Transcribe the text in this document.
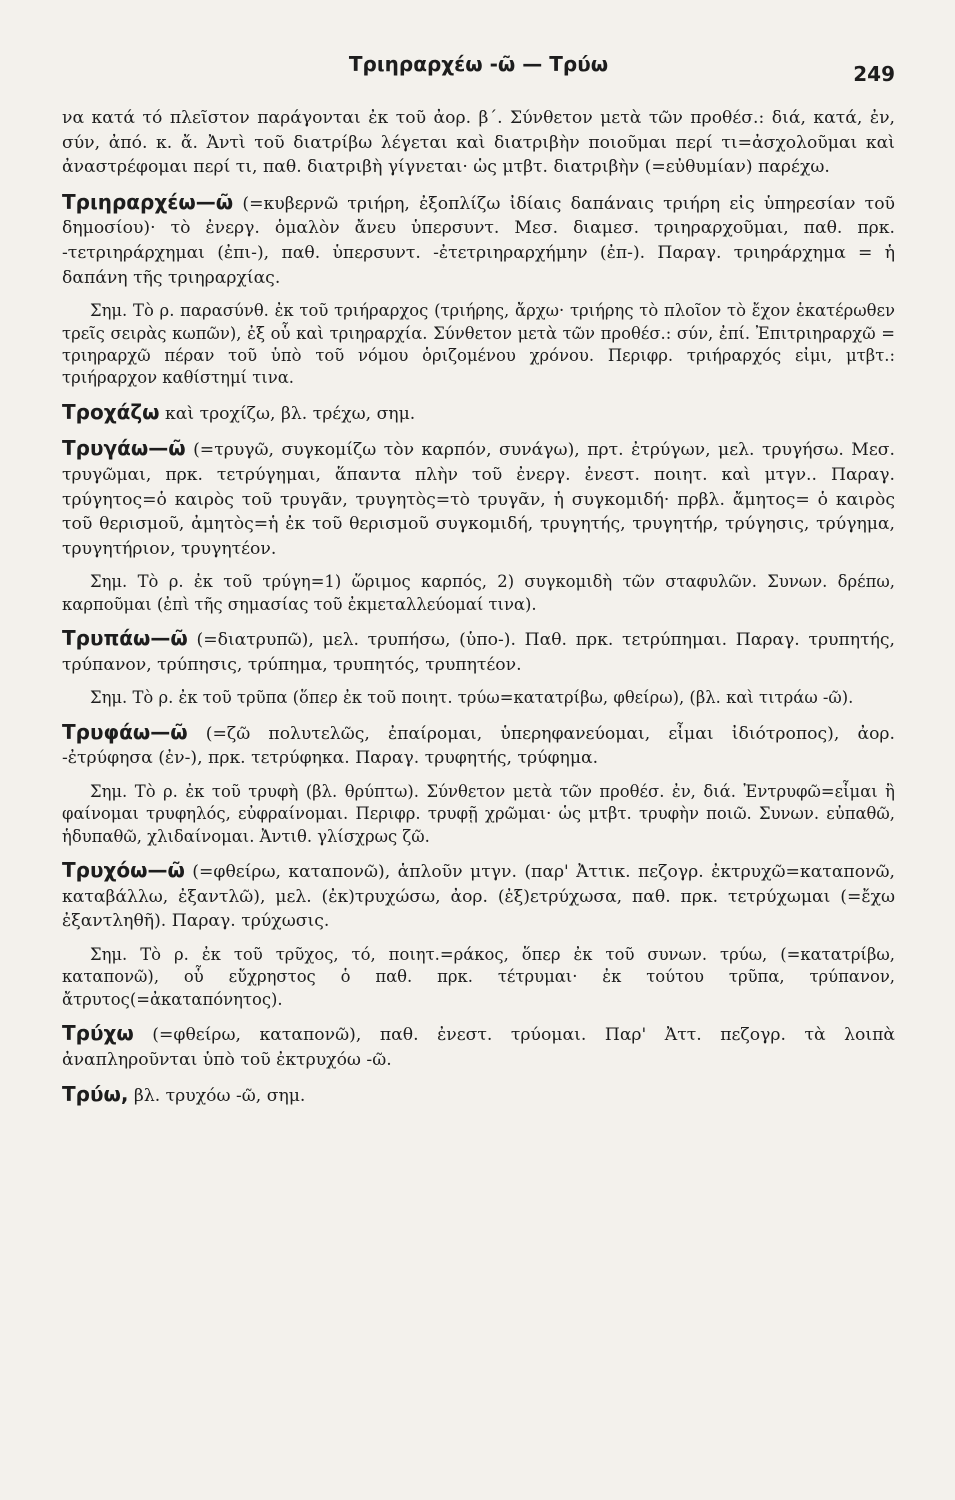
Τριηραρχέω -ῶ — Τρύω	249

να κατά τό πλεῖστον παράγονται ἐκ τοῦ ἀορ. β΄. Σύνθετον μετὰ τῶν προθέσ.: διά, κατά, ἐν, σύν, ἀπό. κ. ἄ. Ἀντὶ τοῦ διατρίβω λέγεται καὶ διατριβὴν ποιοῦμαι περί τι=ἀσχολοῦμαι καὶ ἀναστρέφομαι περί τι, παθ. διατριβὴ γίγνεται· ὡς μτβτ. διατριβὴν (=εὐθυμίαν) παρέχω.

Τριηραρχέω—ῶ (=κυβερνῶ τριήρη, ἐξοπλίζω ἰδίαις δαπάναις τριήρη εἰς ὑπηρεσίαν τοῦ δημοσίου)· τὸ ἐνεργ. ὁμαλὸν ἄνευ ὑπερσυντ. Μεσ. διαμεσ. τριηραρχοῦμαι, παθ. πρκ. -τετριηράρχημαι (ἐπι-), παθ. ὑπερσυντ. -ἐτετριηραρχήμην (ἐπ-). Παραγ. τριηράρχημα = ἡ δαπάνη τῆς τριηραρχίας.

Σημ. Τὸ ρ. παρασύνθ. ἐκ τοῦ τριήραρχος (τριήρης, ἄρχω· τριήρης τὸ πλοῖον τὸ ἔχον ἑκατέρωθεν τρεῖς σειρὰς κωπῶν), ἐξ οὗ καὶ τριηραρχία. Σύνθετον μετὰ τῶν προθέσ.: σύν, ἐπί. Ἐπιτριηραρχῶ = τριηραρχῶ πέραν τοῦ ὑπὸ τοῦ νόμου ὁριζομένου χρόνου. Περιφρ. τριήραρχός εἰμι, μτβτ.: τριήραρχον καθίστημί τινα.

Τροχάζω καὶ τροχίζω, βλ. τρέχω, σημ.

Τρυγάω—ῶ (=τρυγῶ, συγκομίζω τὸν καρπόν, συνάγω), πρτ. ἐτρύγων, μελ. τρυγήσω. Μεσ. τρυγῶμαι, πρκ. τετρύγημαι, ἅπαντα πλὴν τοῦ ἐνεργ. ἐνεστ. ποιητ. καὶ μτγν.. Παραγ. τρύγητος=ὁ καιρὸς τοῦ τρυγᾶν, τρυγητὸς=τὸ τρυγᾶν, ἡ συγκομιδή· πρβλ. ἄμητος= ὁ καιρὸς τοῦ θερισμοῦ, ἀμητὸς=ἡ ἐκ τοῦ θερισμοῦ συγκομιδή, τρυγητής, τρυγητήρ, τρύγησις, τρύγημα, τρυγητήριον, τρυγητέον.

Σημ. Τὸ ρ. ἐκ τοῦ τρύγη=1) ὥριμος καρπός, 2) συγκομιδὴ τῶν σταφυλῶν. Συνων. δρέπω, καρποῦμαι (ἐπὶ τῆς σημασίας τοῦ ἐκμεταλλεύομαί τινα).

Τρυπάω—ῶ (=διατρυπῶ), μελ. τρυπήσω, (ὑπο-). Παθ. πρκ. τετρύπημαι. Παραγ. τρυπητής, τρύπανον, τρύπησις, τρύπημα, τρυπητός, τρυπητέον.

Σημ. Τὸ ρ. ἐκ τοῦ τρῦπα (ὅπερ ἐκ τοῦ ποιητ. τρύω=κατατρίβω, φθείρω), (βλ. καὶ τιτράω -ῶ).

Τρυφάω—ῶ (=ζῶ πολυτελῶς, ἐπαίρομαι, ὑπερηφανεύομαι, εἶμαι ἰδιότροπος), ἀορ. -ἐτρύφησα (ἐν-), πρκ. τετρύφηκα. Παραγ. τρυφητής, τρύφημα.

Σημ. Τὸ ρ. ἐκ τοῦ τρυφὴ (βλ. θρύπτω). Σύνθετον μετὰ τῶν προθέσ. ἐν, διά. Ἐντρυφῶ=εἶμαι ἢ φαίνομαι τρυφηλός, εὐφραίνομαι. Περιφρ. τρυφῇ χρῶμαι· ὡς μτβτ. τρυφὴν ποιῶ. Συνων. εὐπαθῶ, ἡδυπαθῶ, χλιδαίνομαι. Ἀντιθ. γλίσχρως ζῶ.

Τρυχόω—ῶ (=φθείρω, καταπονῶ), ἁπλοῦν μτγν. (παρ' Ἀττικ. πεζογρ. ἐκτρυχῶ=καταπονῶ, καταβάλλω, ἐξαντλῶ), μελ. (ἐκ)τρυχώσω, ἀορ. (ἐξ)ετρύχωσα, παθ. πρκ. τετρύχωμαι (=ἔχω ἐξαντληθῆ). Παραγ. τρύχωσις.

Σημ. Τὸ ρ. ἐκ τοῦ τρῦχος, τό, ποιητ.=ράκος, ὅπερ ἐκ τοῦ συνων. τρύω, (=κατατρίβω, καταπονῶ), οὗ εὔχρηστος ὁ παθ. πρκ. τέτρυμαι· ἐκ τούτου τρῦπα, τρύπανον, ἄτρυτος(=ἀκαταπόνητος).

Τρύχω (=φθείρω, καταπονῶ), παθ. ἐνεστ. τρύομαι. Παρ' Ἀττ. πεζογρ. τὰ λοιπὰ ἀναπληροῦνται ὑπὸ τοῦ ἐκτρυχόω -ῶ.

Τρύω, βλ. τρυχόω -ῶ, σημ.
